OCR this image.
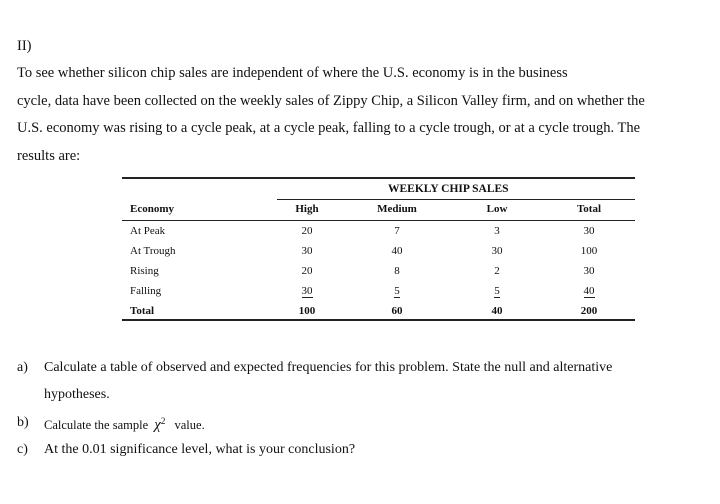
II)
To see whether silicon chip sales are independent of where the U.S. economy is in the business
cycle, data have been collected on the weekly sales of Zippy Chip, a Silicon Valley firm, and on whether the
U.S. economy was rising to a cycle peak, at a cycle peak, falling to a cycle trough, or at a cycle trough. The
results are:
WEEKLY CHIP SALES
Economy	High	Medium	Low	Total
At Peak	20	7	3	30
At Trough	30	40	30	100
Rising	20	8	2	30
Falling	30	5	5	40
Total	100	60	40	200
a) Calculate a table of observed and expected frequencies for this problem. State the null and alternative
hypotheses.
b) Calculate the sample $\chi^2$ value.
c) At the 0.01 significance level, what is your conclusion?
